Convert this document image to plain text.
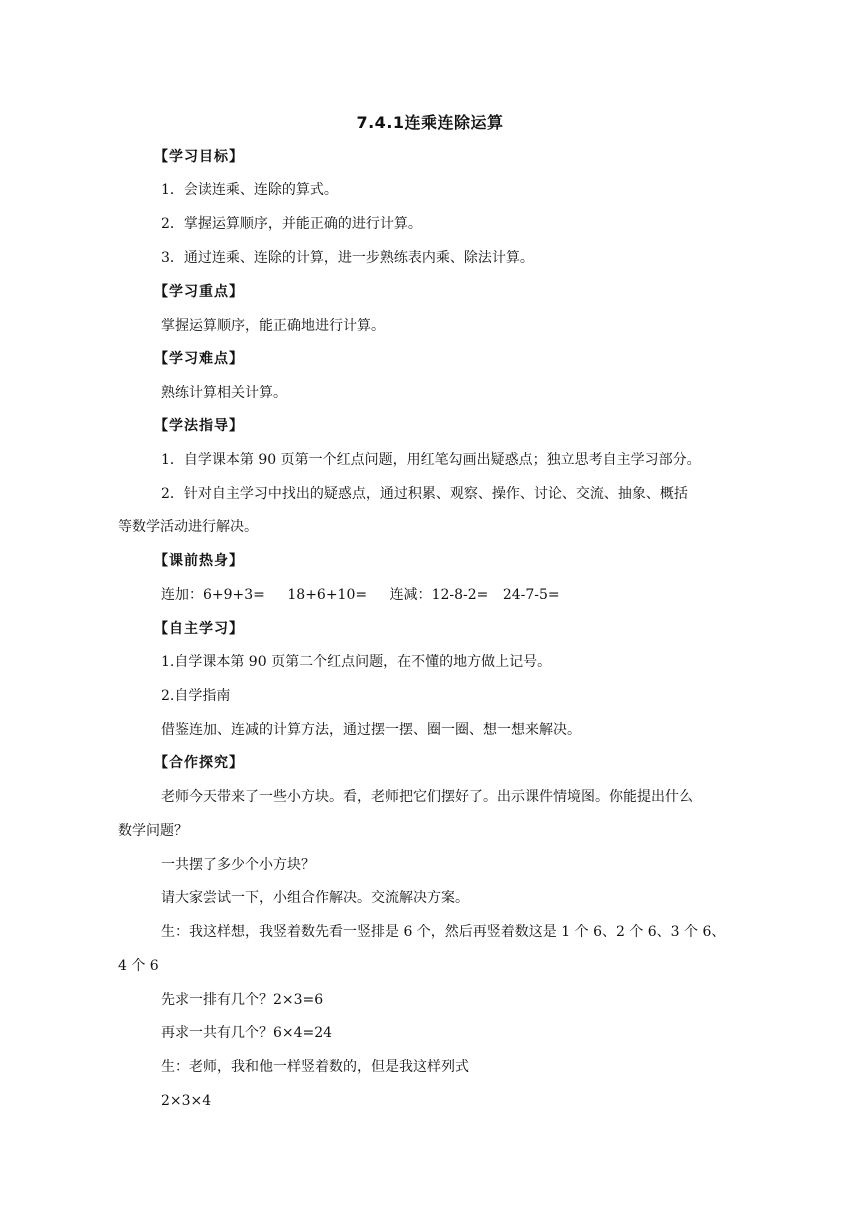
7.4.1连乘连除运算
【学习目标】
1．会读连乘、连除的算式。
2．掌握运算顺序，并能正确的进行计算。
3．通过连乘、连除的计算，进一步熟练表内乘、除法计算。
【学习重点】
掌握运算顺序，能正确地进行计算。
【学习难点】
熟练计算相关计算。
【学法指导】
1．自学课本第 90 页第一个红点问题，用红笔勾画出疑惑点；独立思考自主学习部分。
2．针对自主学习中找出的疑惑点，通过积累、观察、操作、讨论、交流、抽象、概括
等数学活动进行解决。
【课前热身】
连加：6+9+3= 18+6+10= 连减：12-8-2= 24-7-5=
【自主学习】
1.自学课本第 90 页第二个红点问题，在不懂的地方做上记号。
2.自学指南
借鉴连加、连减的计算方法，通过摆一摆、圈一圈、想一想来解决。
【合作探究】
老师今天带来了一些小方块。看，老师把它们摆好了。出示课件情境图。你能提出什么
数学问题？
一共摆了多少个小方块？
请大家尝试一下，小组合作解决。交流解决方案。
生：我这样想，我竖着数先看一竖排是 6 个，然后再竖着数这是 1 个 6、2 个 6、3 个 6、
4 个 6
先求一排有几个？2×3=6
再求一共有几个？6×4=24
生：老师，我和他一样竖着数的，但是我这样列式
2×3×4
